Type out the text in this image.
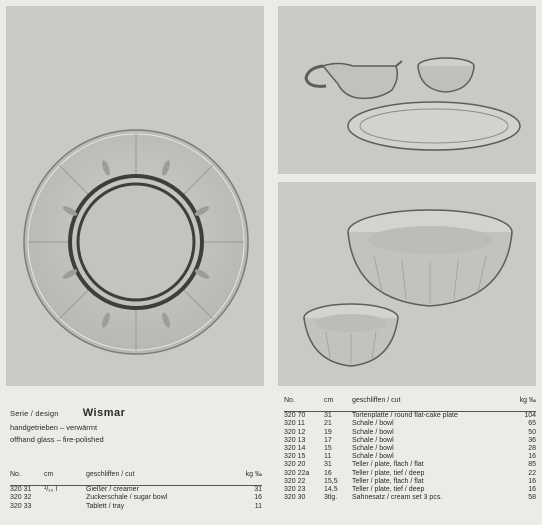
Serie / design Wismar
handgetrieben – verwärmt
offhand glass – fire-polished
No.	cm	geschliffen / cut	kg ‰

320 31	¹/₁₀ l	Gießer / creamer	31
320 32		Zuckerschale / sugar bowl	16
320 33		Tablett / tray	11
No.	cm	geschliffen / cut	kg ‰

320 70	31	Tortenplatte / round flat-cake plate	104
320 11	21	Schale / bowl	65
320 12	19	Schale / bowl	50
320 13	17	Schale / bowl	36
320 14	15	Schale / bowl	28
320 15	11	Schale / bowl	16
320 20	31	Teller / plate, flach / flat	85
320 22a	16	Teller / plate, tief / deep	22
320 22	15,5	Teller / plate, flach / flat	16
320 23	14,5	Teller / plate, tief / deep	16
320 30	3tlg.	Sahnesatz / cream set 3 pcs.	58
